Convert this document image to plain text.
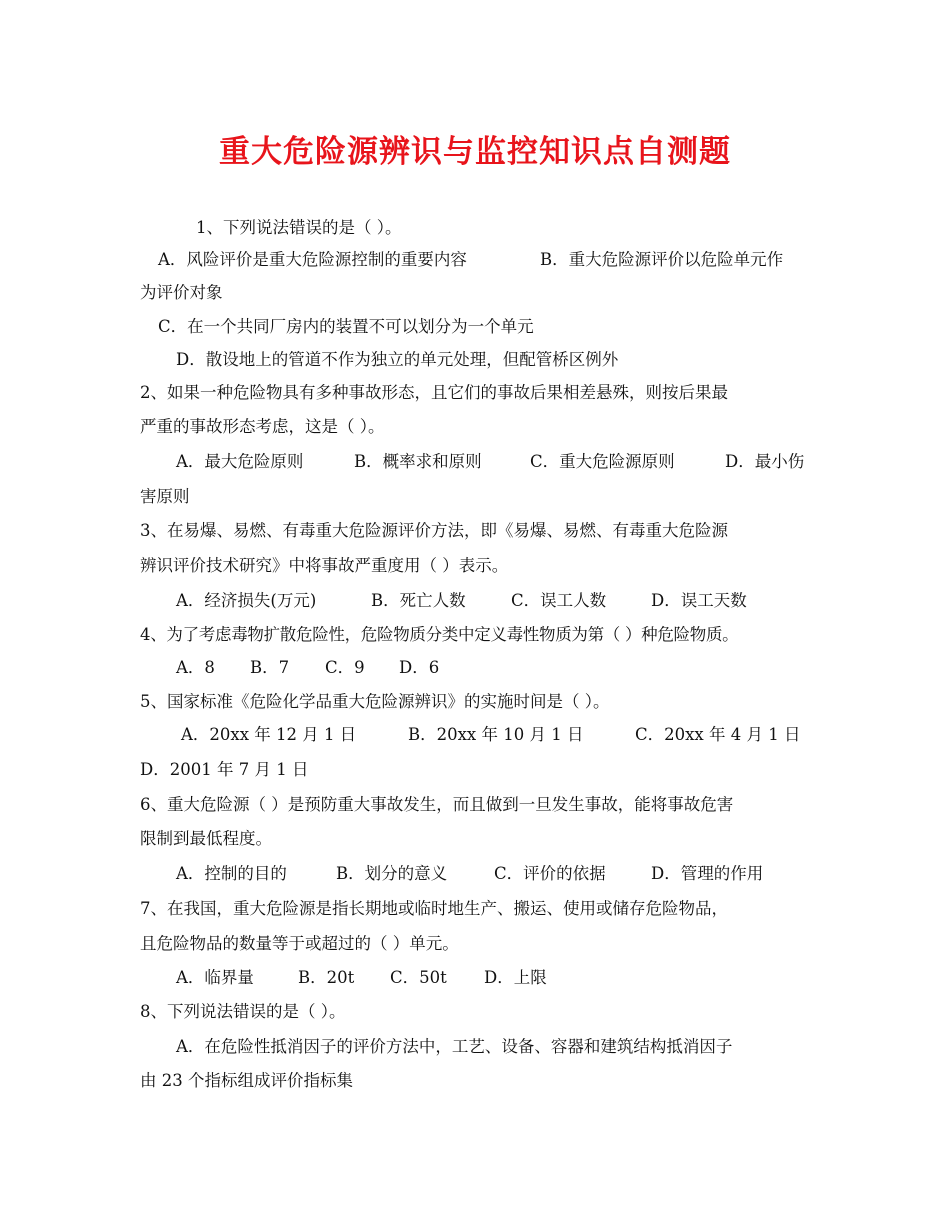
重大危险源辨识与监控知识点自测题
1、下列说法错误的是（ ）。
A．风险评价是重大危险源控制的重要内容	B．重大危险源评价以危险单元作
为评价对象
C．在一个共同厂房内的装置不可以划分为一个单元
D．散设地上的管道不作为独立的单元处理，但配管桥区例外
2、如果一种危险物具有多种事故形态，且它们的事故后果相差悬殊，则按后果最
严重的事故形态考虑，这是（ ）。
A．最大危险原则	B．概率求和原则	C．重大危险源原则	D．最小伤
害原则
3、在易爆、易燃、有毒重大危险源评价方法，即《易爆、易燃、有毒重大危险源
辨识评价技术研究》中将事故严重度用（ ）表示。
A．经济损失(万元)	B．死亡人数	C．误工人数	D．误工天数
4、为了考虑毒物扩散危险性，危险物质分类中定义毒性物质为第（ ）种危险物质。
A．8 B．7 C．9 D．6
5、国家标准《危险化学品重大危险源辨识》的实施时间是（ ）。
A．20xx 年 12 月 1 日	B．20xx 年 10 月 1 日	C．20xx 年 4 月 1 日
D．2001 年 7 月 1 日
6、重大危险源（ ）是预防重大事故发生，而且做到一旦发生事故，能将事故危害
限制到最低程度。
A．控制的目的	B．划分的意义	C．评价的依据	D．管理的作用
7、在我国，重大危险源是指长期地或临时地生产、搬运、使用或储存危险物品，
且危险物品的数量等于或超过的（ ）单元。
A．临界量	B．20t C．50t D．上限
8、下列说法错误的是（ ）。
A．在危险性抵消因子的评价方法中，工艺、设备、容器和建筑结构抵消因子
由 23 个指标组成评价指标集
